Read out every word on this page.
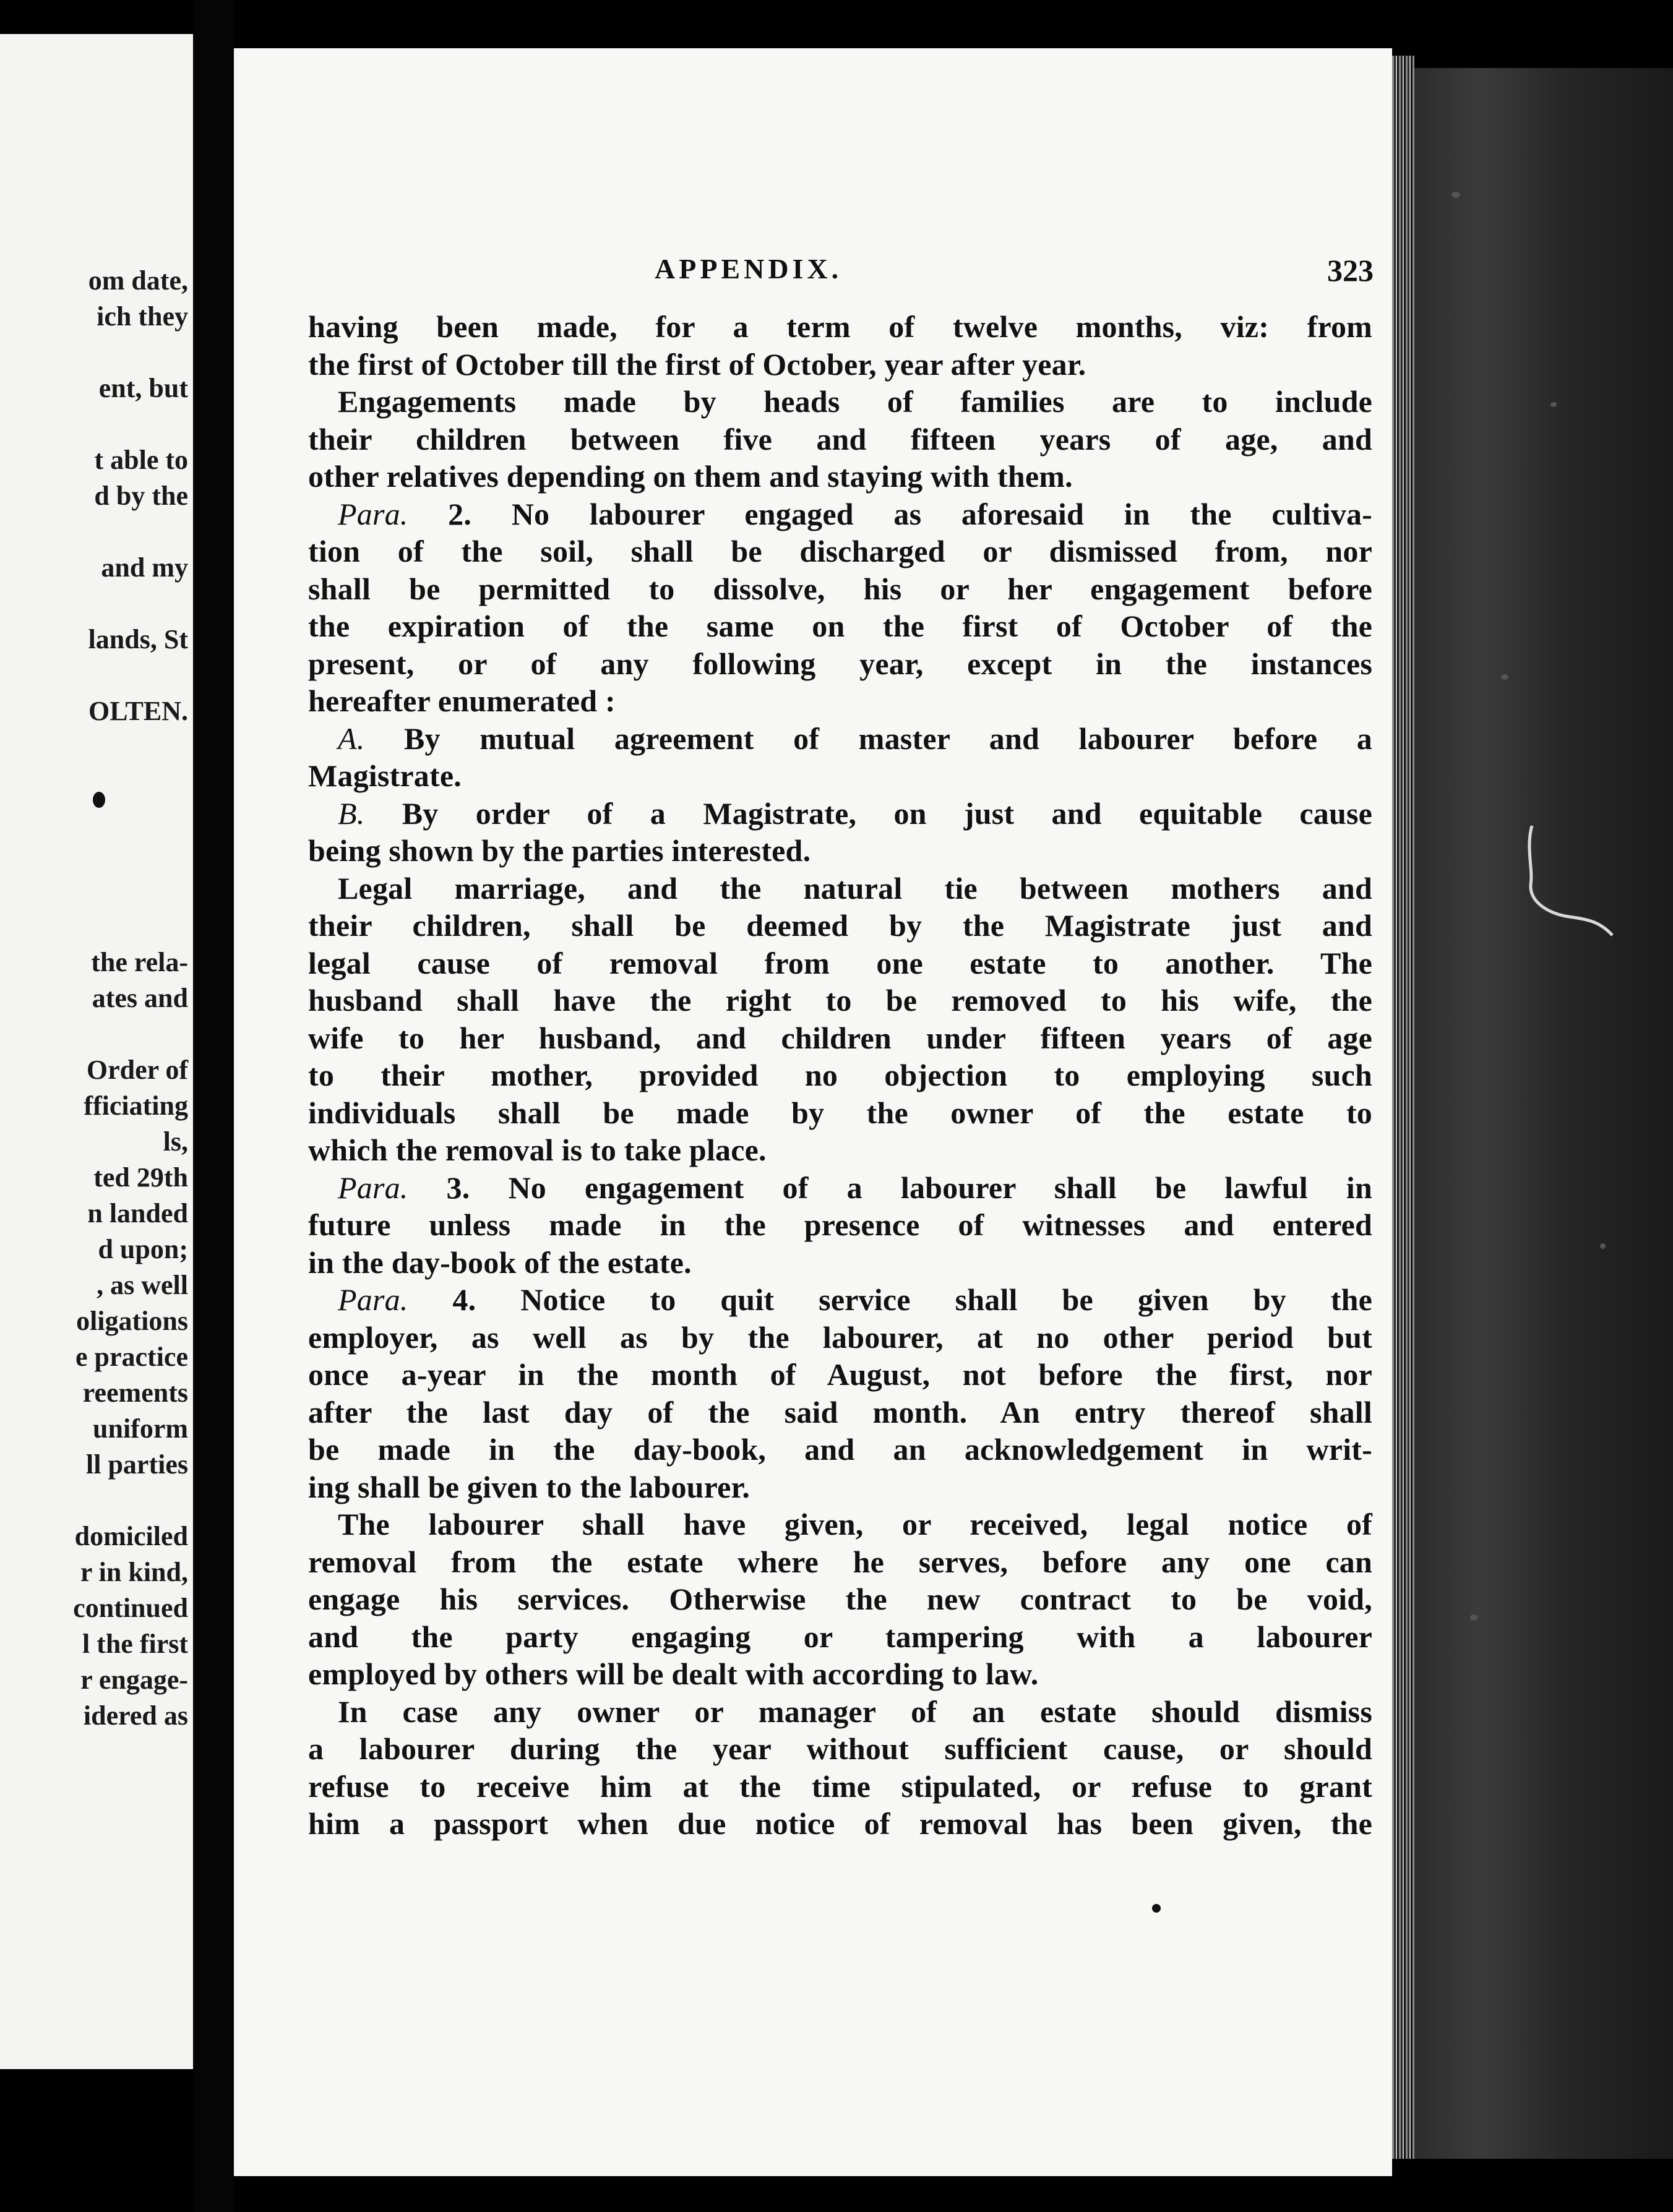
om date,

ich they

ent, but

t able to

d by the

and my

lands, St

OLTEN.

the rela-

ates and

Order of

fficiating

ls,

ted 29th

n landed

d upon;

, as well

oligations

e practice

reements

uniform

ll parties

domiciled

r in kind,

continued

l the first

r engage-

idered as

APPENDIX.	323

having been made, for a term of twelve months, viz: from

the first of October till the first of October, year after year.

Engagements made by heads of families are to include

their children between five and fifteen years of age, and

other relatives depending on them and staying with them.

Para. 2. No labourer engaged as aforesaid in the cultiva-

tion of the soil, shall be discharged or dismissed from, nor

shall be permitted to dissolve, his or her engagement before

the expiration of the same on the first of October of the

present, or of any following year, except in the instances

hereafter enumerated :

A. By mutual agreement of master and labourer before a

Magistrate.

B. By order of a Magistrate, on just and equitable cause

being shown by the parties interested.

Legal marriage, and the natural tie between mothers and

their children, shall be deemed by the Magistrate just and

legal cause of removal from one estate to another. The

husband shall have the right to be removed to his wife, the

wife to her husband, and children under fifteen years of age

to their mother, provided no objection to employing such

individuals shall be made by the owner of the estate to

which the removal is to take place.

Para. 3. No engagement of a labourer shall be lawful in

future unless made in the presence of witnesses and entered

in the day-book of the estate.

Para. 4. Notice to quit service shall be given by the

employer, as well as by the labourer, at no other period but

once a-year in the month of August, not before the first, nor

after the last day of the said month. An entry thereof shall

be made in the day-book, and an acknowledgement in writ-

ing shall be given to the labourer.

The labourer shall have given, or received, legal notice of

removal from the estate where he serves, before any one can

engage his services. Otherwise the new contract to be void,

and the party engaging or tampering with a labourer

employed by others will be dealt with according to law.

In case any owner or manager of an estate should dismiss

a labourer during the year without sufficient cause, or should

refuse to receive him at the time stipulated, or refuse to grant

him a passport when due notice of removal has been given, the
